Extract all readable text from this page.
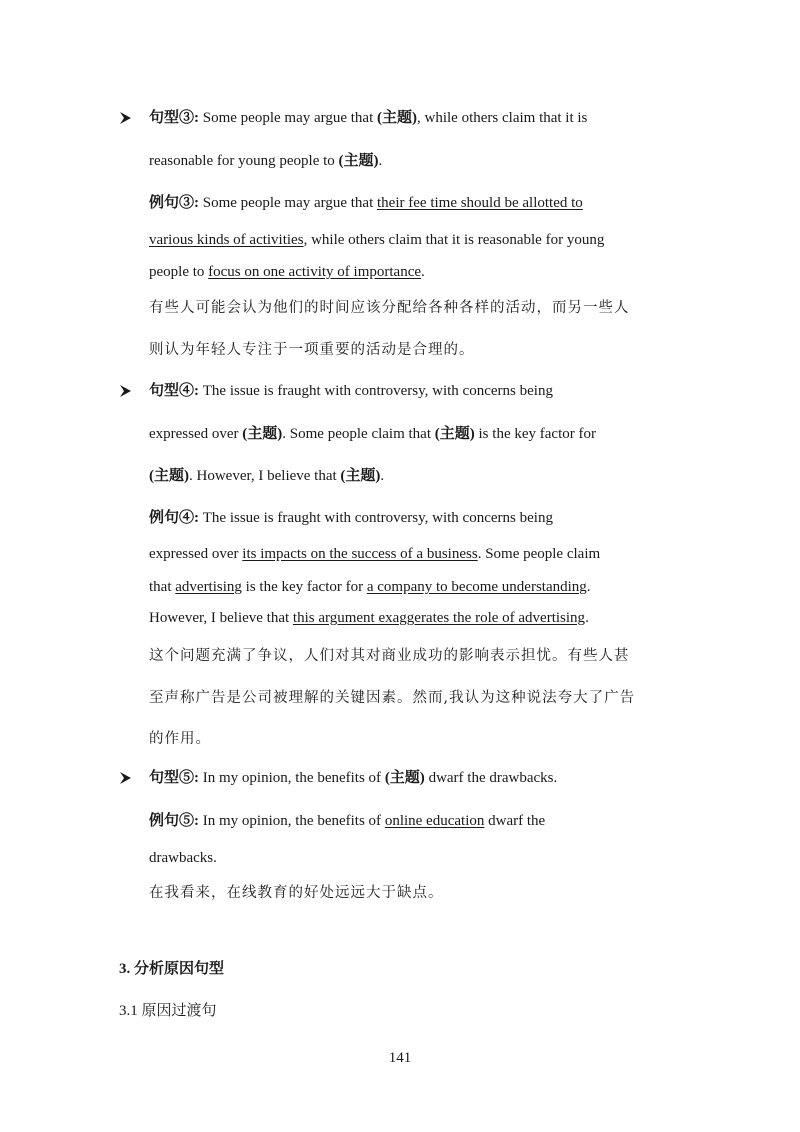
句型③: Some people may argue that (主题), while others claim that it is
reasonable for young people to (主题).
例句③: Some people may argue that their fee time should be allotted to
various kinds of activities, while others claim that it is reasonable for young
people to focus on one activity of importance.
有些人可能会认为他们的时间应该分配给各种各样的活动，而另一些人
则认为年轻人专注于一项重要的活动是合理的。
句型④: The issue is fraught with controversy, with concerns being
expressed over (主题). Some people claim that (主题) is the key factor for
(主题). However, I believe that (主题).
例句④: The issue is fraught with controversy, with concerns being
expressed over its impacts on the success of a business. Some people claim
that advertising is the key factor for a company to become understanding.
However, I believe that this argument exaggerates the role of advertising.
这个问题充满了争议，人们对其对商业成功的影响表示担忧。有些人甚
至声称广告是公司被理解的关键因素。然而,我认为这种说法夸大了广告
的作用。
句型⑤: In my opinion, the benefits of (主题) dwarf the drawbacks.
例句⑤: In my opinion, the benefits of online education dwarf the
drawbacks.
在我看来，在线教育的好处远远大于缺点。
3. 分析原因句型
3.1 原因过渡句
141
